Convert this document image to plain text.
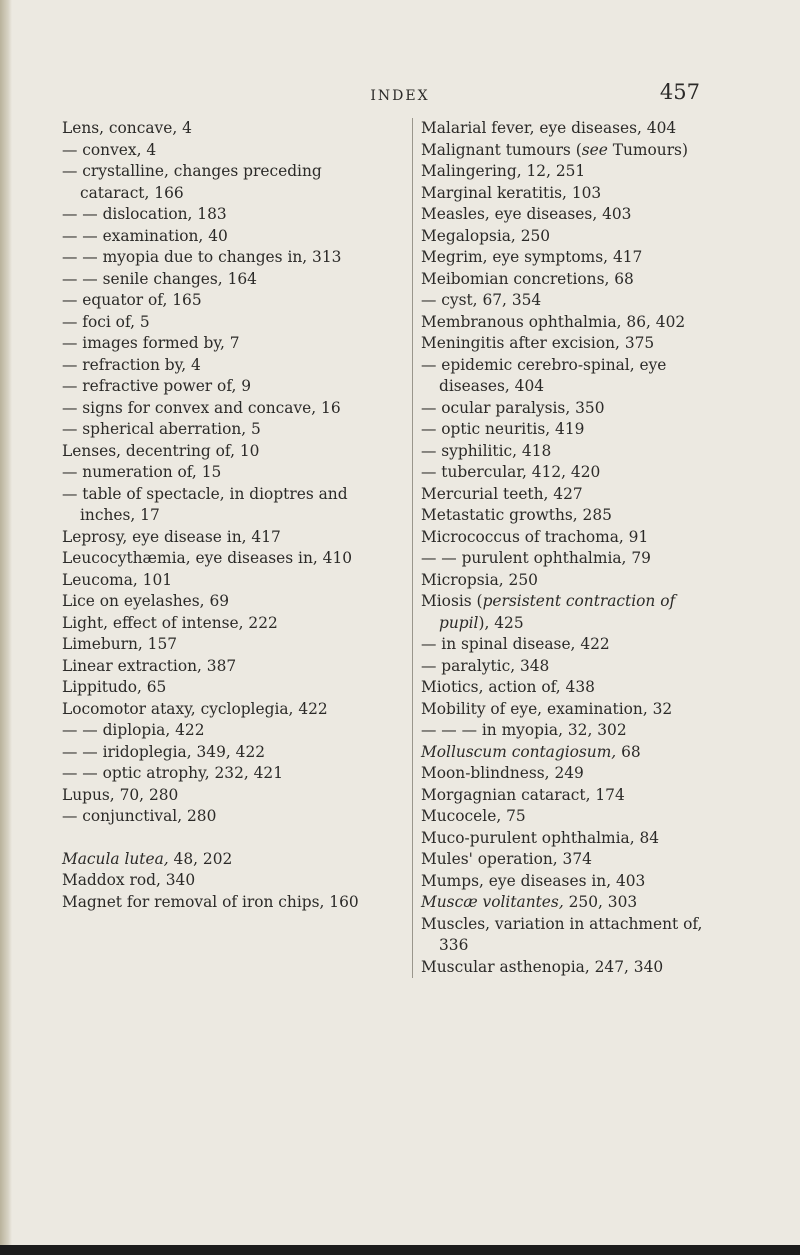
INDEX	457
Lens, concave, 4
— convex, 4
— crystalline, changes preceding cataract, 166
— — dislocation, 183
— — examination, 40
— — myopia due to changes in, 313
— — senile changes, 164
— equator of, 165
— foci of, 5
— images formed by, 7
— refraction by, 4
— refractive power of, 9
— signs for convex and concave, 16
— spherical aberration, 5
Lenses, decentring of, 10
— numeration of, 15
— table of spectacle, in dioptres and inches, 17
Leprosy, eye disease in, 417
Leucocythæmia, eye diseases in, 410
Leucoma, 101
Lice on eyelashes, 69
Light, effect of intense, 222
Limeburn, 157
Linear extraction, 387
Lippitudo, 65
Locomotor ataxy, cycloplegia, 422
— — diplopia, 422
— — iridoplegia, 349, 422
— — optic atrophy, 232, 421
Lupus, 70, 280
— conjunctival, 280
Macula lutea, 48, 202
Maddox rod, 340
Magnet for removal of iron chips, 160
Malarial fever, eye diseases, 404
Malignant tumours (see Tumours)
Malingering, 12, 251
Marginal keratitis, 103
Measles, eye diseases, 403
Megalopsia, 250
Megrim, eye symptoms, 417
Meibomian concretions, 68
— cyst, 67, 354
Membranous ophthalmia, 86, 402
Meningitis after excision, 375
— epidemic cerebro-spinal, eye diseases, 404
— ocular paralysis, 350
— optic neuritis, 419
— syphilitic, 418
— tubercular, 412, 420
Mercurial teeth, 427
Metastatic growths, 285
Micrococcus of trachoma, 91
— — purulent ophthalmia, 79
Micropsia, 250
Miosis (persistent contraction of pupil), 425
— in spinal disease, 422
— paralytic, 348
Miotics, action of, 438
Mobility of eye, examination, 32
— — — in myopia, 32, 302
Molluscum contagiosum, 68
Moon-blindness, 249
Morgagnian cataract, 174
Mucocele, 75
Muco-purulent ophthalmia, 84
Mules' operation, 374
Mumps, eye diseases in, 403
Muscæ volitantes, 250, 303
Muscles, variation in attachment of, 336
Muscular asthenopia, 247, 340
